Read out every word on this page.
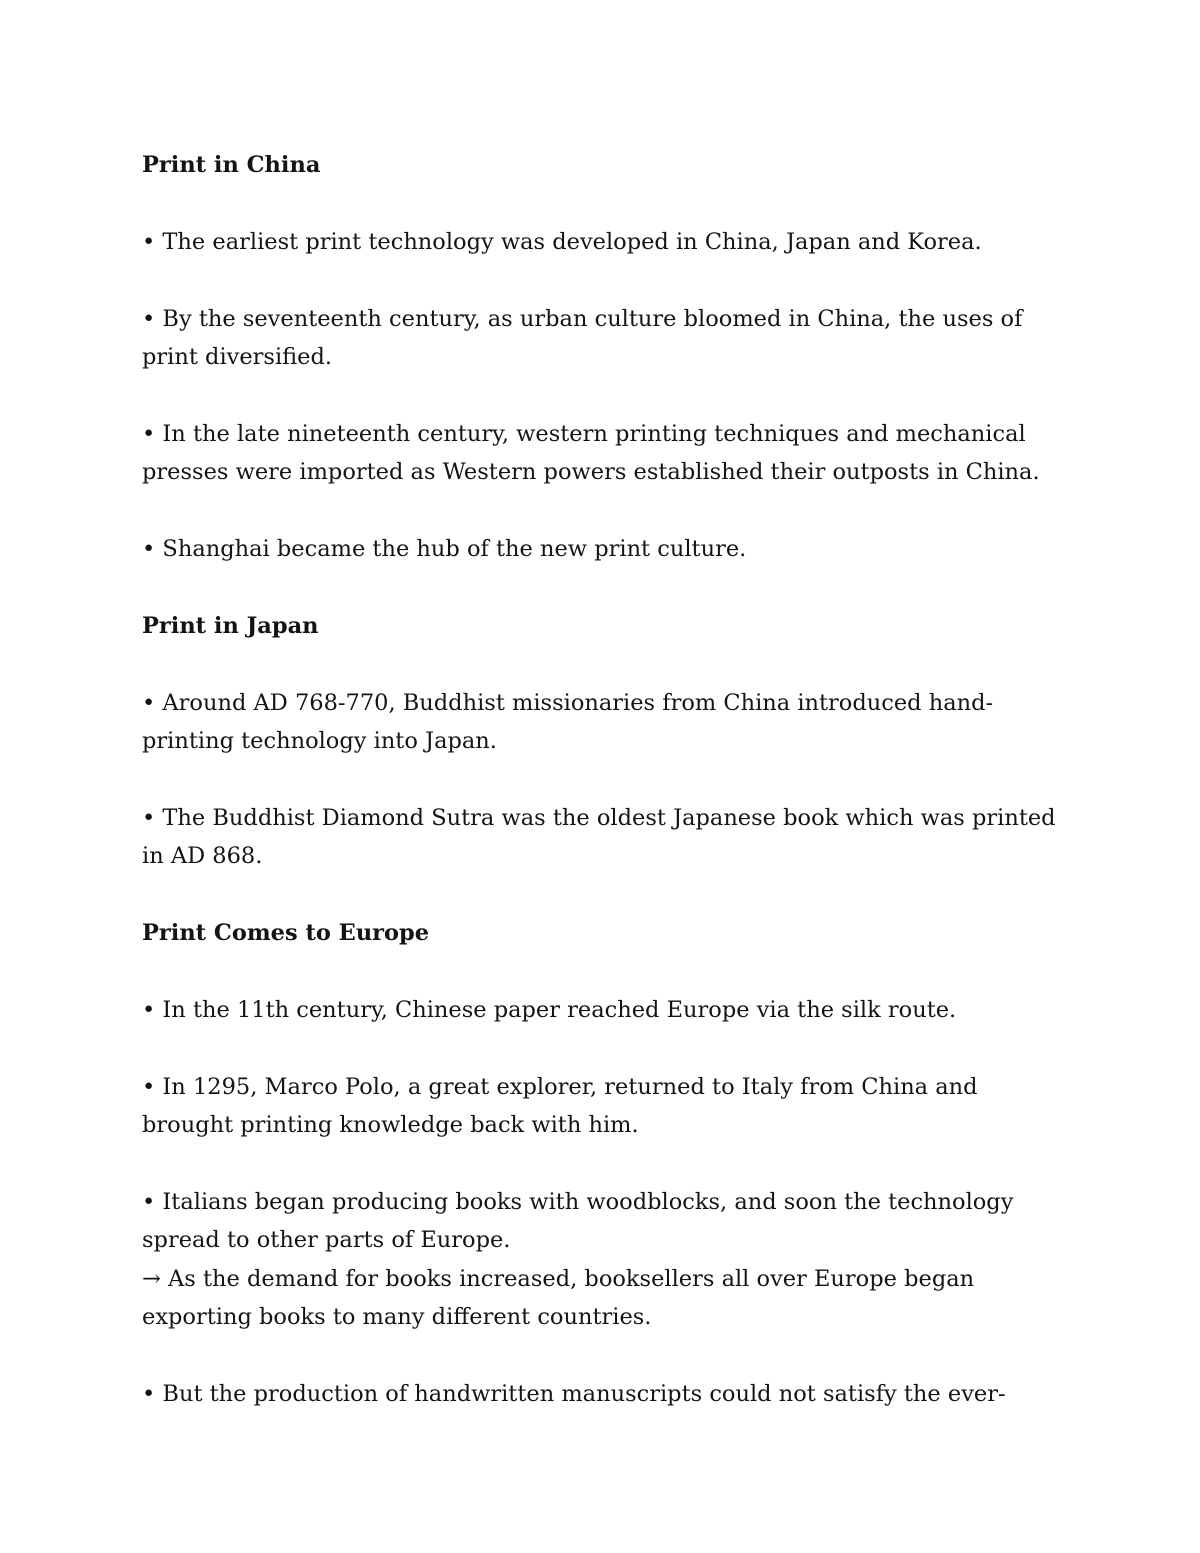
Print in China
• The earliest print technology was developed in China, Japan and Korea.
• By the seventeenth century, as urban culture bloomed in China, the uses of print diversified.
• In the late nineteenth century, western printing techniques and mechanical presses were imported as Western powers established their outposts in China.
• Shanghai became the hub of the new print culture.
Print in Japan
• Around AD 768-770, Buddhist missionaries from China introduced hand-printing technology into Japan.
• The Buddhist Diamond Sutra was the oldest Japanese book which was printed in AD 868.
Print Comes to Europe
• In the 11th century, Chinese paper reached Europe via the silk route.
• In 1295, Marco Polo, a great explorer, returned to Italy from China and brought printing knowledge back with him.
• Italians began producing books with woodblocks, and soon the technology spread to other parts of Europe.
→ As the demand for books increased, booksellers all over Europe began exporting books to many different countries.
• But the production of handwritten manuscripts could not satisfy the ever-
